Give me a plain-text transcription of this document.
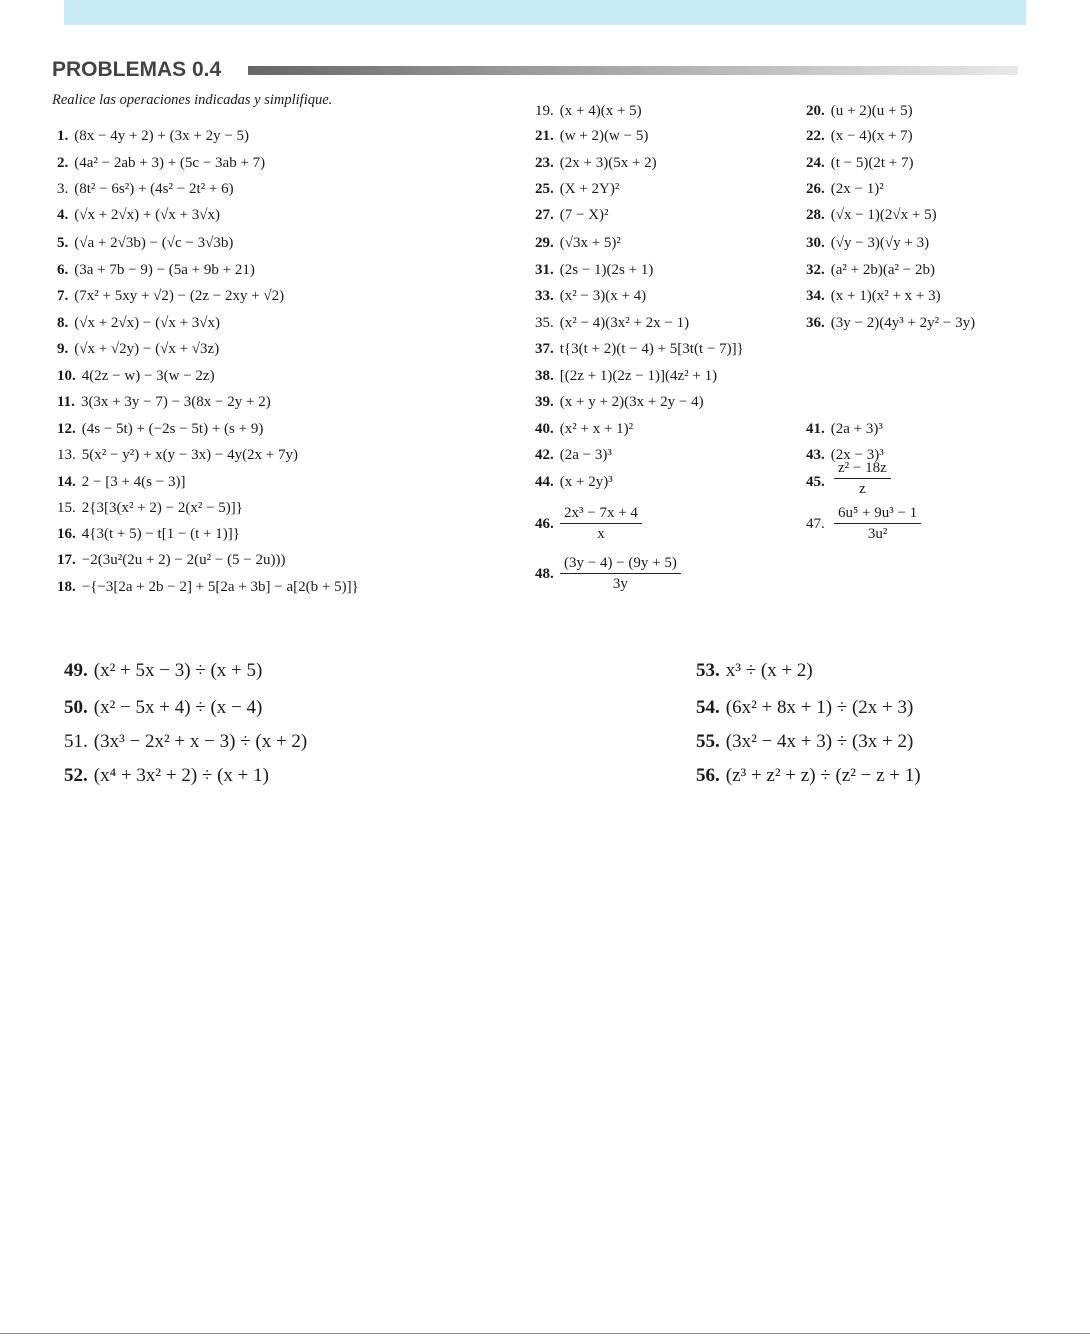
PROBLEMAS 0.4
Realice las operaciones indicadas y simplifique.
1. (8x − 4y + 2) + (3x + 2y − 5)
2. (4a² − 2ab + 3) + (5c − 3ab + 7)
3. (8t² − 6s²) + (4s² − 2t² + 6)
4. (√x + 2√x) + (√x + 3√x)
5. (√a + 2√3b) − (√c − 3√3b)
6. (3a + 7b − 9) − (5a + 9b + 21)
7. (7x² + 5xy + √2) − (2z − 2xy + √2)
8. (√x + 2√x) − (√x + 3√x)
9. (√x + √2y) − (√x + √3z)
10. 4(2z − w) − 3(w − 2z)
11. 3(3x + 3y − 7) − 3(8x − 2y + 2)
12. (4s − 5t) + (−2s − 5t) + (s + 9)
13. 5(x² − y²) + x(y − 3x) − 4y(2x + 7y)
14. 2 − [3 + 4(s − 3)]
15. 2{3[3(x² + 2) − 2(x² − 5)]}
16. 4{3(t + 5) − t[1 − (t + 1)]}
17. −2(3u²(2u + 2) − 2(u² − (5 − 2u)))
18. −{−3[2a + 2b − 2] + 5[2a + 3b] − a[2(b + 5)]}
19. (x + 4)(x + 5)
21. (w + 2)(w − 5)
23. (2x + 3)(5x + 2)
25. (X + 2Y)²
27. (7 − X)²
29. (√3x + 5)²
31. (2s − 1)(2s + 1)
33. (x² − 3)(x + 4)
35. (x² − 4)(3x² + 2x − 1)
37. t{3(t + 2)(t − 4) + 5[3t(t − 7)]}
38. [(2z + 1)(2z − 1)](4z² + 1)
39. (x + y + 2)(3x + 2y − 4)
40. (x² + x + 1)²
42. (2a − 3)³
44. (x + 2y)³
46. $\frac{\text{2x³ − 7x + 4}}{x}$
48. $\frac{(3y - 4) - (9y + 5)}{3y}$
20. (u + 2)(u + 5)
22. (x − 4)(x + 7)
24. (t − 5)(2t + 7)
26. (2x − 1)²
28. (√x − 1)(2√x + 5)
30. (√y − 3)(√y + 3)
32. (a² + 2b)(a² − 2b)
34. (x + 1)(x² + x + 3)
36. (3y − 2)(4y³ + 2y² − 3y)
41. (2a + 3)³
43. (2x − 3)³
45. $\frac{\text{z² − 18z}}{z}$
47. $\frac{\text{6u⁵ + 9u³ − 1}}{\text{3u²}}$
49. (x² + 5x − 3) ÷ (x + 5)
50. (x² − 5x + 4) ÷ (x − 4)
51. (3x³ − 2x² + x − 3) ÷ (x + 2)
52. (x⁴ + 3x² + 2) ÷ (x + 1)
53. x³ ÷ (x + 2)
54. (6x² + 8x + 1) ÷ (2x + 3)
55. (3x² − 4x + 3) ÷ (3x + 2)
56. (z³ + z² + z) ÷ (z² − z + 1)
